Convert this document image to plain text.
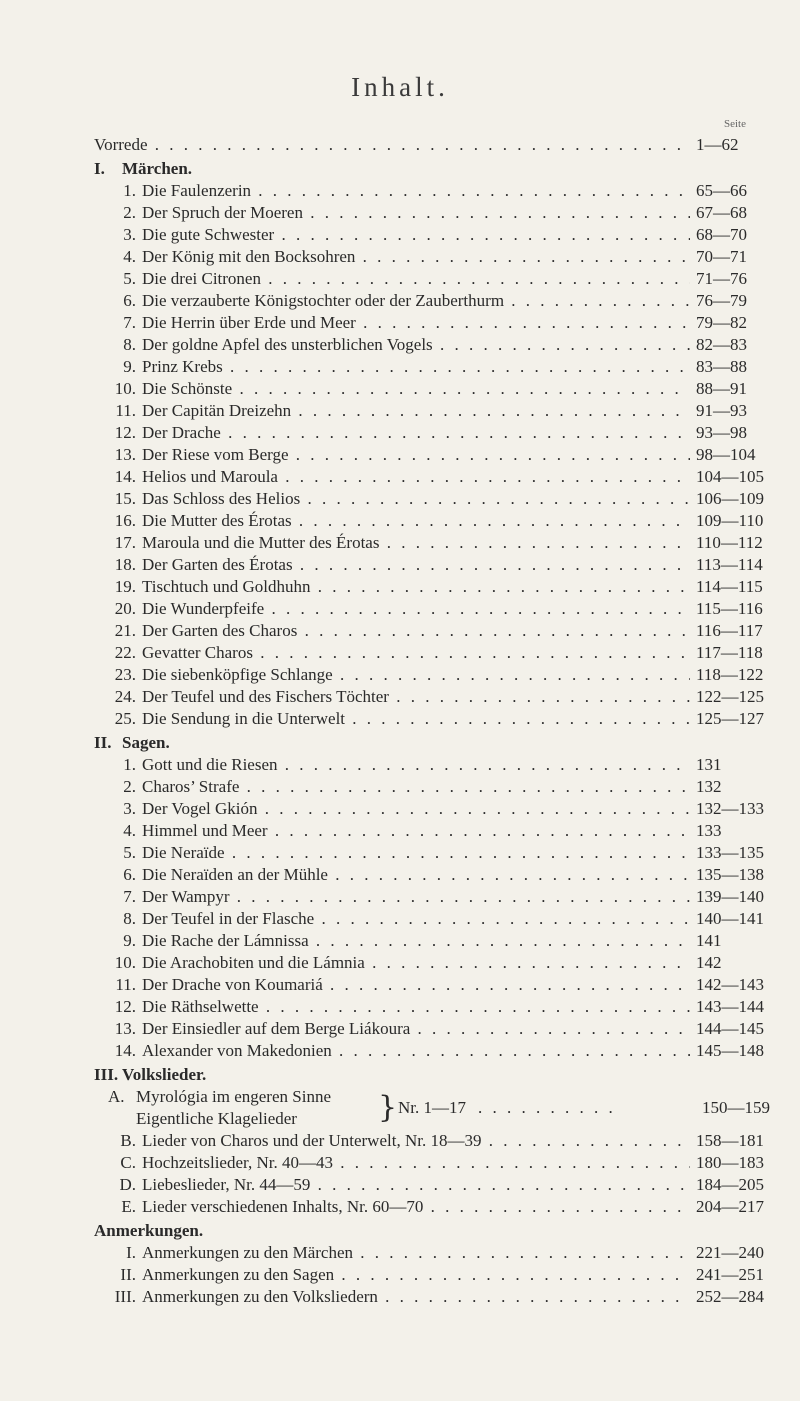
Inhalt.
Seite
Vorrede . . .	1—62
I. Märchen.
1. Die Faulenzerin . . .	65—66
2. Der Spruch der Moeren . . .	67—68
3. Die gute Schwester . . .	68—70
4. Der König mit den Bocksohren . . .	70—71
5. Die drei Citronen . . .	71—76
6. Die verzauberte Königstochter oder der Zauberthurm . . .	76—79
7. Die Herrin über Erde und Meer . . .	79—82
8. Der goldne Apfel des unsterblichen Vogels . . .	82—83
9. Prinz Krebs . . .	83—88
10. Die Schönste . . .	88—91
11. Der Capitän Dreizehn . . .	91—93
12. Der Drache . . .	93—98
13. Der Riese vom Berge . . .	98—104
14. Helios und Maroula . . .	104—105
15. Das Schloss des Helios . . .	106—109
16. Die Mutter des Érotas . . .	109—110
17. Maroula und die Mutter des Érotas . . .	110—112
18. Der Garten des Érotas . . .	113—114
19. Tischtuch und Goldhuhn . . .	114—115
20. Die Wunderpfeife . . .	115—116
21. Der Garten des Charos . . .	116—117
22. Gevatter Charos . . .	117—118
23. Die siebenköpfige Schlange . . .	118—122
24. Der Teufel und des Fischers Töchter . . .	122—125
25. Die Sendung in die Unterwelt . . .	125—127
II. Sagen.
1. Gott und die Riesen . . .	131
2. Charos’ Strafe . . .	132
3. Der Vogel Gkión . . .	132—133
4. Himmel und Meer . . .	133
5. Die Neraïde . . .	133—135
6. Die Neraïden an der Mühle . . .	135—138
7. Der Wampyr . . .	139—140
8. Der Teufel in der Flasche . . .	140—141
9. Die Rache der Lámnissa . . .	141
10. Die Arachobiten und die Lámnia . . .	142
11. Der Drache von Koumariá . . .	142—143
12. Die Räthselwette . . .	143—144
13. Der Einsiedler auf dem Berge Liákoura . . .	144—145
14. Alexander von Makedonien . . .	145—148
III. Volkslieder.
A. Myrológia im engeren Sinne
Eigentliche Klagelieder	} Nr. 1—17 . . . . . . . . . .	150—159
B. Lieder von Charos und der Unterwelt, Nr. 18—39 . . .	158—181
C. Hochzeitslieder, Nr. 40—43 . . .	180—183
D. Liebeslieder, Nr. 44—59 . . .	184—205
E. Lieder verschiedenen Inhalts, Nr. 60—70 . . .	204—217
Anmerkungen.
I. Anmerkungen zu den Märchen . . .	221—240
II. Anmerkungen zu den Sagen . . .	241—251
III. Anmerkungen zu den Volksliedern . . .	252—284
